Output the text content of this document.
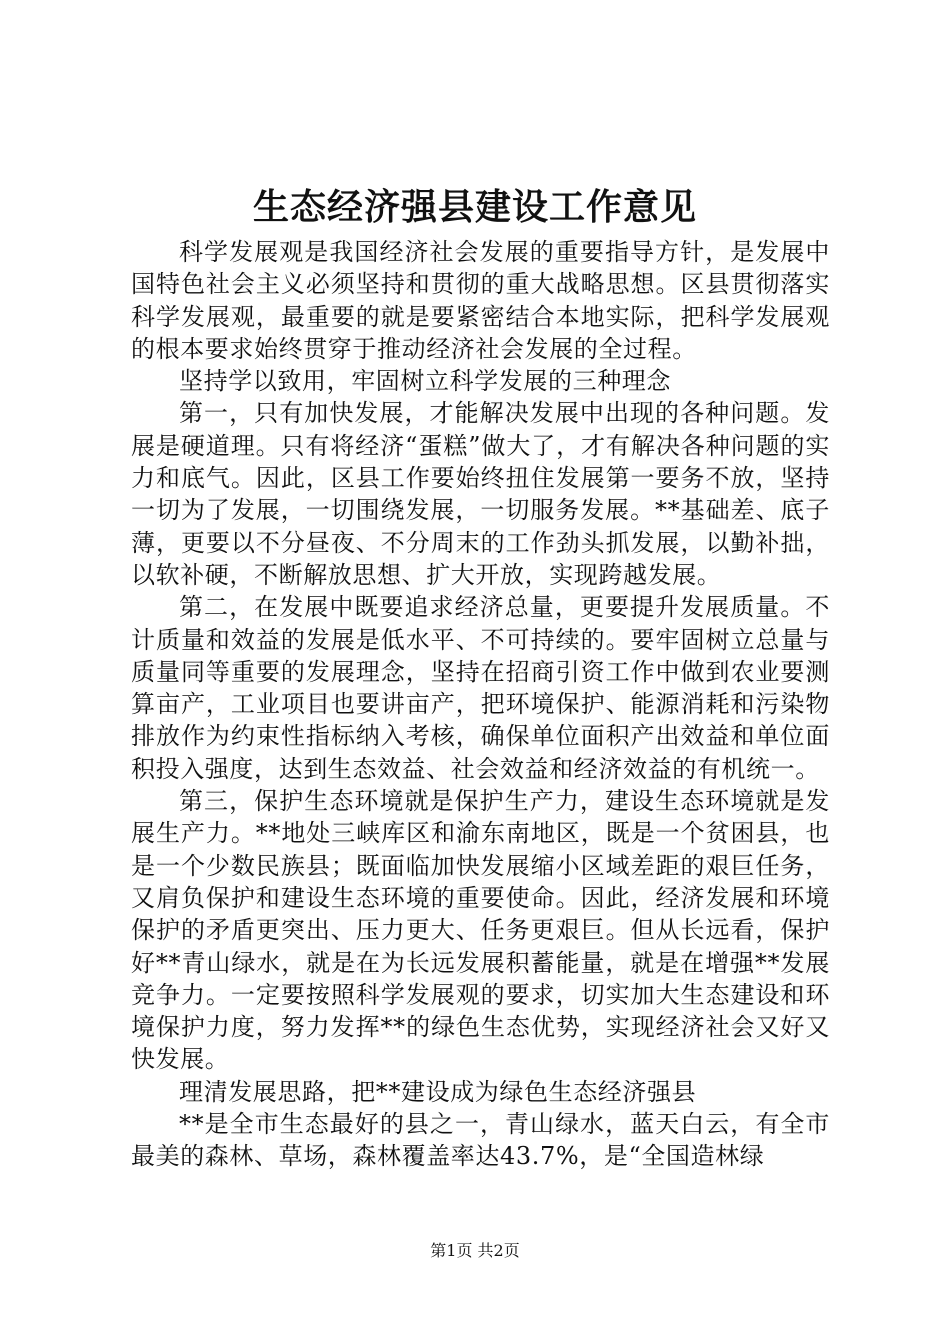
生态经济强县建设工作意见

科学发展观是我国经济社会发展的重要指导方针，是发展中国特色社会主义必须坚持和贯彻的重大战略思想。区县贯彻落实科学发展观，最重要的就是要紧密结合本地实际，把科学发展观的根本要求始终贯穿于推动经济社会发展的全过程。

坚持学以致用，牢固树立科学发展的三种理念

第一，只有加快发展，才能解决发展中出现的各种问题。发展是硬道理。只有将经济“蛋糕”做大了，才有解决各种问题的实力和底气。因此，区县工作要始终扭住发展第一要务不放，坚持一切为了发展，一切围绕发展，一切服务发展。**基础差、底子薄，更要以不分昼夜、不分周末的工作劲头抓发展，以勤补拙，以软补硬，不断解放思想、扩大开放，实现跨越发展。

第二，在发展中既要追求经济总量，更要提升发展质量。不计质量和效益的发展是低水平、不可持续的。要牢固树立总量与质量同等重要的发展理念，坚持在招商引资工作中做到农业要测算亩产，工业项目也要讲亩产，把环境保护、能源消耗和污染物排放作为约束性指标纳入考核，确保单位面积产出效益和单位面积投入强度，达到生态效益、社会效益和经济效益的有机统一。

第三，保护生态环境就是保护生产力，建设生态环境就是发展生产力。**地处三峡库区和渝东南地区，既是一个贫困县，也是一个少数民族县；既面临加快发展缩小区域差距的艰巨任务，又肩负保护和建设生态环境的重要使命。因此，经济发展和环境保护的矛盾更突出、压力更大、任务更艰巨。但从长远看，保护好**青山绿水，就是在为长远发展积蓄能量，就是在增强**发展竞争力。一定要按照科学发展观的要求，切实加大生态建设和环境保护力度，努力发挥**的绿色生态优势，实现经济社会又好又快发展。

理清发展思路，把**建设成为绿色生态经济强县

**是全市生态最好的县之一，青山绿水，蓝天白云，有全市最美的森林、草场，森林覆盖率达43.7%，是“全国造林绿

第1页 共2页
